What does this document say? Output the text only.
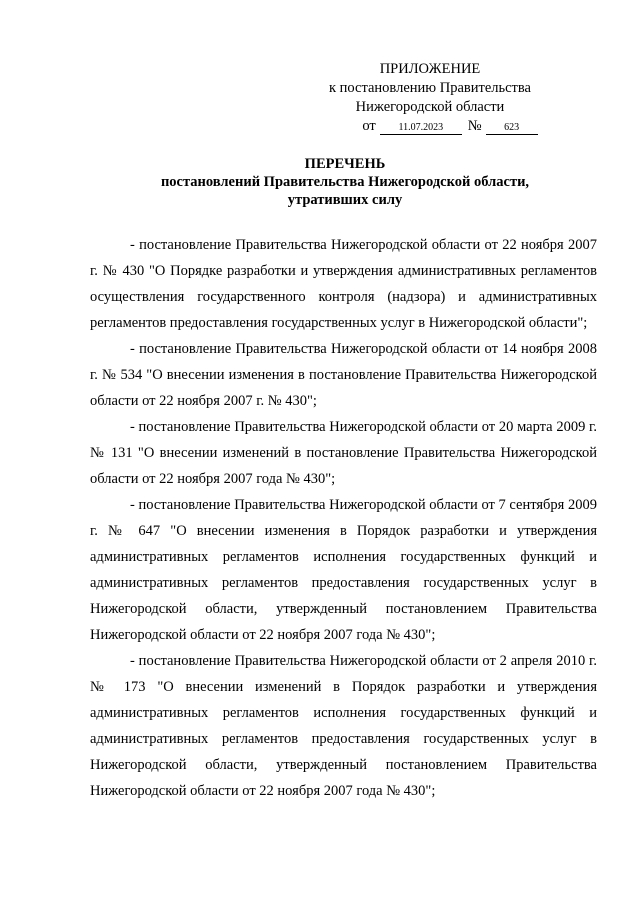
ПРИЛОЖЕНИЕ
к постановлению Правительства
Нижегородской области
от	11.07.2023	№	623
ПЕРЕЧЕНЬ
постановлений Правительства Нижегородской области,
утративших силу

- постановление Правительства Нижегородской области от 22 ноября 2007 г. № 430 "О Порядке разработки и утверждения административных регламентов осуществления государственного контроля (надзора) и административных регламентов предоставления государственных услуг в Нижегородской области";

- постановление Правительства Нижегородской области от 14 ноября 2008 г. № 534 "О внесении изменения в постановление Правительства Нижегородской области от 22 ноября 2007 г. № 430";

- постановление Правительства Нижегородской области от 20 марта 2009 г. № 131 "О внесении изменений в постановление Правительства Нижегородской области от 22 ноября 2007 года № 430";

- постановление Правительства Нижегородской области от 7 сентября 2009 г. № 647 "О внесении изменения в Порядок разработки и утверждения административных регламентов исполнения государственных функций и административных регламентов предоставления государственных услуг в Нижегородской области, утвержденный постановлением Правительства Нижегородской области от 22 ноября 2007 года № 430";

- постановление Правительства Нижегородской области от 2 апреля 2010 г. № 173 "О внесении изменений в Порядок разработки и утверждения административных регламентов исполнения государственных функций и административных регламентов предоставления государственных услуг в Нижегородской области, утвержденный постановлением Правительства Нижегородской области от 22 ноября 2007 года № 430";
